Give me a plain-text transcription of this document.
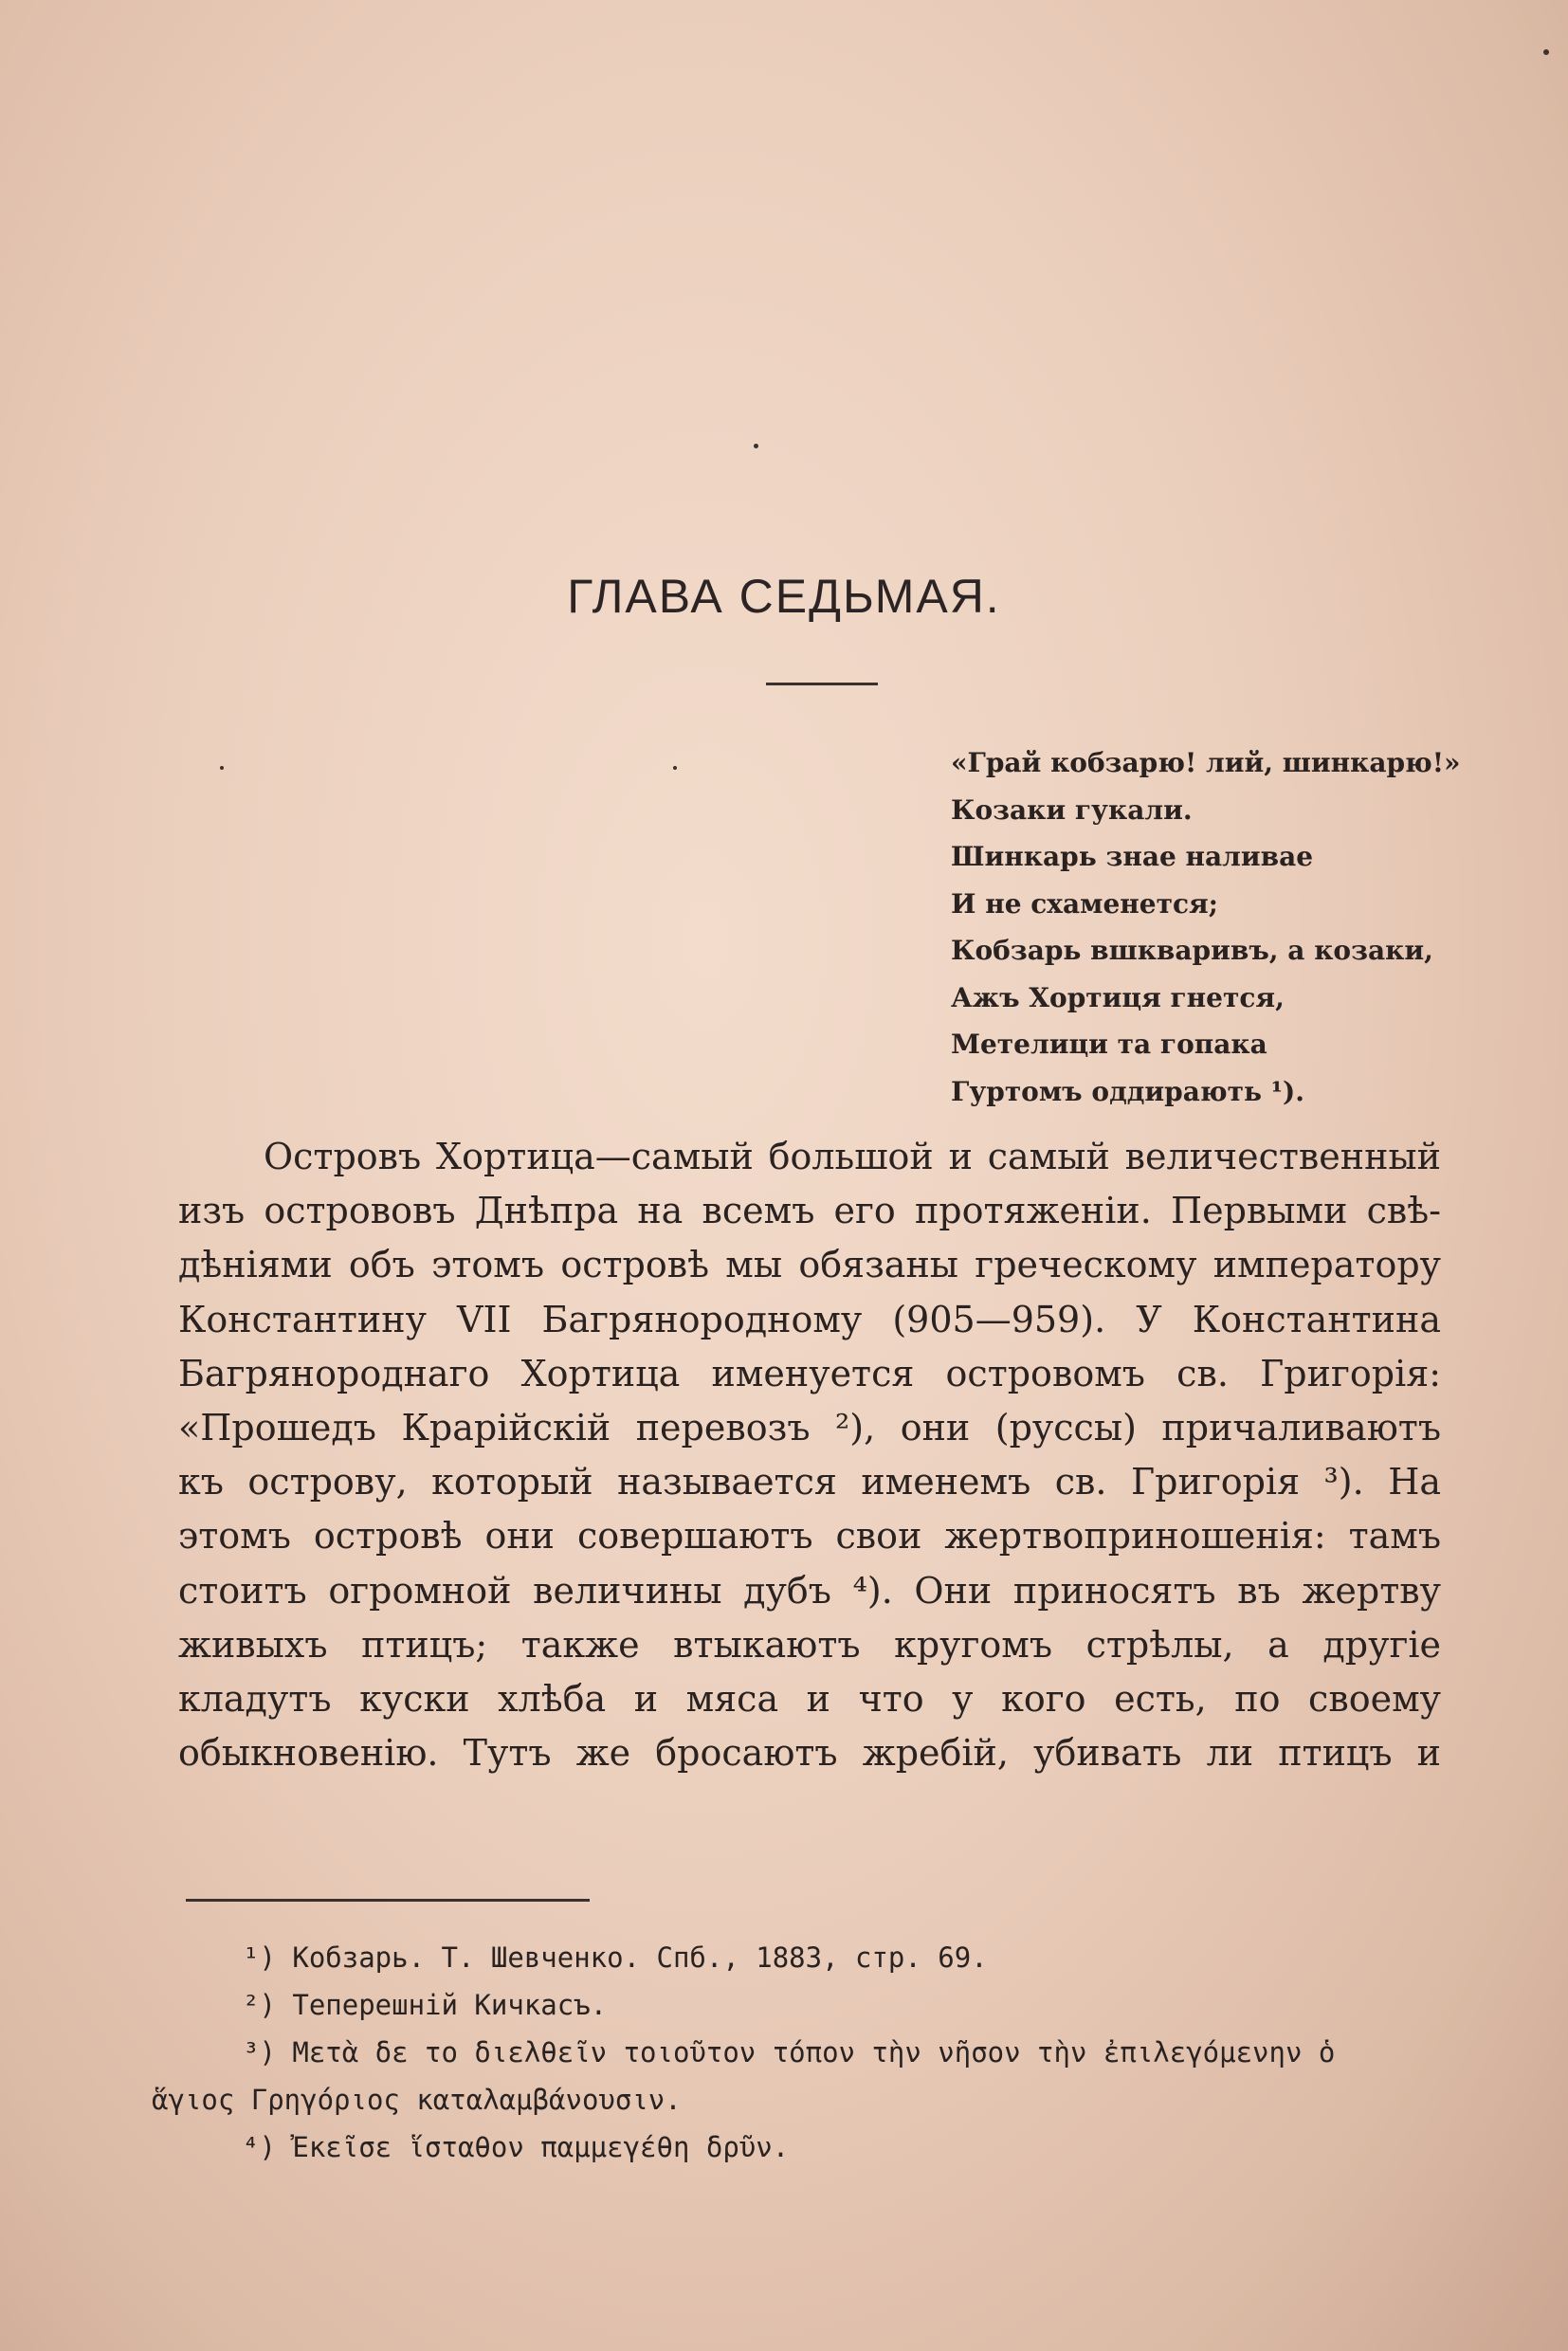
ГЛАВА СЕДЬМАЯ.
«Грай кобзарю! лий, шинкарю!»
Козаки гукали.
Шинкарь знае наливае
И не схаменется;
Кобзарь вшкваривъ, а козаки,
Ажъ Хортиця гнется,
Метелици та гопака
Гуртомъ оддирають ¹).
Островъ Хортица—самый большой и самый величественный
изъ острововъ Днѣпра на всемъ его протяженіи. Первыми свѣ-
дѣніями объ этомъ островѣ мы обязаны греческому императору
Константину VII Багрянородному (905—959). У Константина
Багрянороднаго Хортица именуется островомъ св. Григорія:
«Прошедъ Крарійскій перевозъ ²), они (руссы) причаливаютъ
къ острову, который называется именемъ св. Григорія ³). На
этомъ островѣ они совершаютъ свои жертвоприношенія: тамъ
стоитъ огромной величины дубъ ⁴). Они приносятъ въ жертву
живыхъ птицъ; также втыкаютъ кругомъ стрѣлы, а другіе
кладутъ куски хлѣба и мяса и что у кого есть, по своему
обыкновенію. Тутъ же бросаютъ жребій, убивать ли птицъ и
¹) Кобзарь. Т. Шевченко. Спб., 1883, стр. 69.
²) Теперешній Кичкасъ.
³) Μετὰ δε το διελθεῖν τοιοῦτον τόπον τὴν νῆσον τὴν ἐπιλεγόμενην ὁ
ἅγιος Γρηγόριος καταλαμβάνουσιν.
⁴) Ἐκεῖσε ἵσταθον παμμεγέθη δρῦν.
